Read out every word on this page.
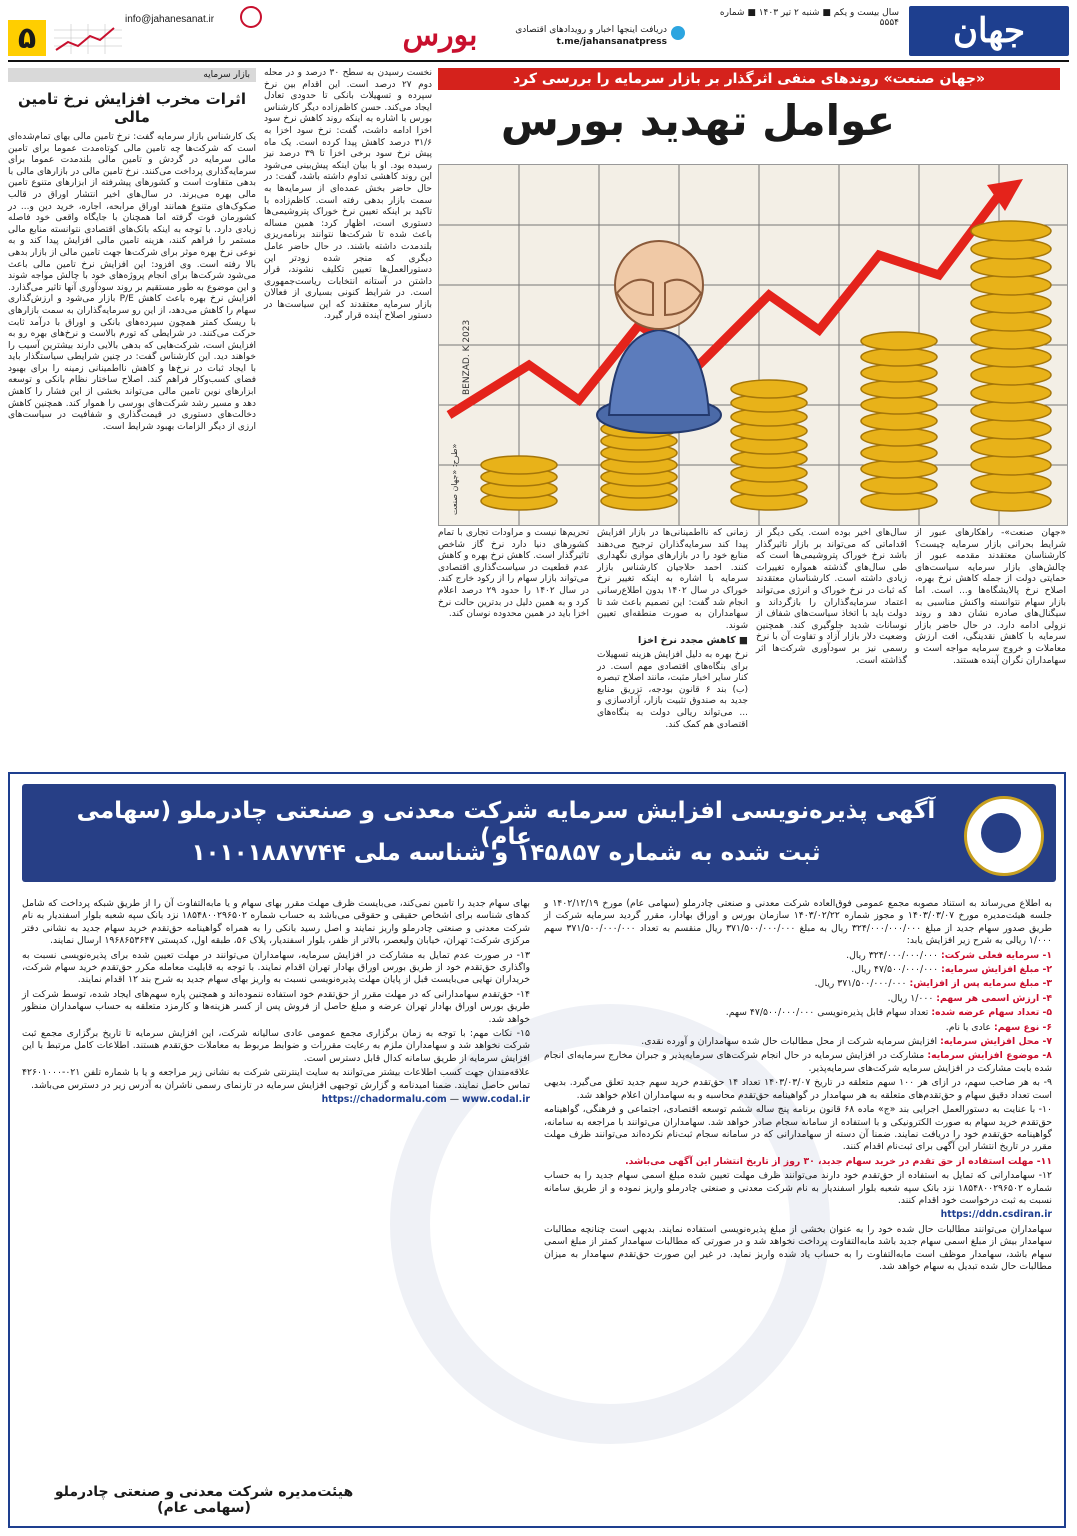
جهان
سال بیست و یکم ■ شنبه ۲ تیر ۱۴۰۳ ■ شماره ۵۵۵۴
دریافت اینجها اخبار و رویدادهای اقتصادی
t.me/jahansanatpress
بورس
info@jahanesanat.ir
۵
بازار سرمایه
اثرات مخرب افزایش نرخ تامین مالی
یک کارشناس بازار سرمایه گفت: نرخ تامین مالی بهای تمام‌شده‌ای است که شرکت‌ها چه تامین مالی کوتاه‌مدت عموما برای تامین مالی سرمایه در گردش و تامین مالی بلندمدت عموما برای سرمایه‌گذاری پرداخت می‌کنند. نرخ تامین مالی در بازارهای مالی با بدهی متفاوت است و کشورهای پیشرفته از ابزارهای متنوع تامین مالی بهره می‌برند. در سال‌های اخیر انتشار اوراق در قالب صکوک‌های متنوع همانند اوراق مرابحه، اجاره، خرید دین و... در کشورمان قوت گرفته اما همچنان با جایگاه واقعی خود فاصله زیادی دارد. با توجه به اینکه بانک‌های اقتصادی نتوانسته منابع مالی مستمر را فراهم کنند، هزینه تامین مالی افزایش پیدا کند و به نوعی نرخ بهره موثر برای شرکت‌ها جهت تامین مالی از بازار بدهی بالا رفته است. وی افزود: این افزایش نرخ تامین مالی باعث می‌شود شرکت‌ها برای انجام پروژه‌های خود با چالش مواجه شوند و این موضوع به طور مستقیم بر روند سودآوری آنها تاثیر می‌گذارد. افزایش نرخ بهره باعث کاهش P/E بازار می‌شود و ارزش‌گذاری سهام را کاهش می‌دهد، از این رو سرمایه‌گذاران به سمت بازارهای با ریسک کمتر همچون سپرده‌های بانکی و اوراق با درآمد ثابت حرکت می‌کنند. در شرایطی که تورم بالاست و نرخ‌های بهره رو به افزایش است، شرکت‌هایی که بدهی بالایی دارند بیشترین آسیب را خواهند دید. این کارشناس گفت: در چنین شرایطی سیاستگذار باید با ایجاد ثبات در نرخ‌ها و کاهش نااطمینانی زمینه را برای بهبود فضای کسب‌وکار فراهم کند. اصلاح ساختار نظام بانکی و توسعه ابزارهای نوین تامین مالی می‌تواند بخشی از این فشار را کاهش دهد و مسیر رشد شرکت‌های بورسی را هموار کند. همچنین کاهش دخالت‌های دستوری در قیمت‌گذاری و شفافیت در سیاست‌های ارزی از دیگر الزامات بهبود شرایط است.
نخست رسیدن به سطح ۳۰ درصد و در محله دوم ۲۷ درصد است. این اقدام بین نرخ سپرده و تسهیلات بانکی تا حدودی تعادل ایجاد می‌کند. حسن کاظم‌زاده دیگر کارشناس بورس با اشاره به اینکه روند کاهش نرخ سود اخزا ادامه داشت، گفت: نرخ سود اخزا به ۳۱/۶ درصد کاهش پیدا کرده است. یک ماه پیش نرخ سود برخی اخزا تا ۳۹ درصد نیز رسیده بود. او با بیان اینکه پیش‌بینی می‌شود این روند کاهشی تداوم داشته باشد، گفت: در حال حاضر بخش عمده‌ای از سرمایه‌ها به سمت بازار بدهی رفته است. کاظم‌زاده با تاکید بر اینکه تعیین نرخ خوراک پتروشیمی‌ها دستوری است، اظهار کرد: همین مساله باعث شده تا شرکت‌ها نتوانند برنامه‌ریزی بلندمدت داشته باشند. در حال حاضر عامل دیگری که منجر شده زودتر این دستورالعمل‌ها تعیین تکلیف نشوند، قرار داشتن در آستانه انتخابات ریاست‌جمهوری است. در شرایط کنونی بسیاری از فعالان بازار سرمایه معتقدند که این سیاست‌ها در دستور اصلاح آینده قرار گیرد.
«جهان صنعت» روندهای منفی اثرگذار بر بازار سرمایه را بررسی کرد
عوامل تهدید بورس
BENZAD. K 2023
طرح: «جهان صنعت»
«جهان صنعت»- راهکارهای عبور از شرایط بحرانی بازار سرمایه چیست؟ کارشناسان معتقدند مقدمه عبور از چالش‌های بازار سرمایه سیاست‌های حمایتی دولت از جمله کاهش نرخ بهره، اصلاح نرخ پالایشگاه‌ها و... است. اما بازار سهام نتوانسته واکنش مناسبی به سیگنال‌های صادره نشان دهد و روند نزولی ادامه دارد. در حال حاضر بازار سرمایه با کاهش نقدینگی، افت ارزش معاملات و خروج سرمایه مواجه است و سهامداران نگران آینده هستند.
سال‌های اخیر بوده است. یکی دیگر از اقداماتی که می‌تواند بر بازار تاثیرگذار باشد نرخ خوراک پتروشیمی‌ها است که طی سال‌های گذشته همواره تغییرات زیادی داشته است. کارشناسان معتقدند که ثبات در نرخ خوراک و انرژی می‌تواند اعتماد سرمایه‌گذاران را بازگرداند و دولت باید با اتخاذ سیاست‌های شفاف از نوسانات شدید جلوگیری کند. همچنین وضعیت دلار بازار آزاد و تفاوت آن با نرخ رسمی نیز بر سودآوری شرکت‌ها اثر گذاشته است.
زمانی که نااطمینانی‌ها در بازار افزایش پیدا کند سرمایه‌گذاران ترجیح می‌دهند منابع خود را در بازارهای موازی نگهداری کنند. احمد حلاجیان کارشناس بازار سرمایه با اشاره به اینکه تغییر نرخ خوراک در سال ۱۴۰۲ بدون اطلاع‌رسانی انجام شد گفت: این تصمیم باعث شد تا سهامداران به صورت منطقه‌ای تعیین شوند.
■ کاهش مجدد نرخ اخزا
نرخ بهره به دلیل افزایش هزینه تسهیلات برای بنگاه‌های اقتصادی مهم است. در کنار سایر اخبار مثبت، مانند اصلاح تبصره (ب) بند ۶ قانون بودجه، تزریق منابع جدید به صندوق تثبیت بازار، آزادسازی و ... می‌تواند ریالی دولت به بنگاه‌های اقتصادی هم کمک کند.
تحریم‌ها نیست و مراودات تجاری با تمام کشورهای دنیا دارد نرخ گاز شاخص تاثیرگذار است. کاهش نرخ بهره و کاهش عدم قطعیت در سیاست‌گذاری اقتصادی می‌تواند بازار سهام را از رکود خارج کند. در سال ۱۴۰۲ را حدود ۲۹ درصد اعلام کرد و به همین دلیل در بدترین حالت نرخ اخزا باید در همین محدوده نوسان کند.
آگهی پذیره‌نویسی افزایش سرمایه شرکت معدنی و صنعتی چادرملو (سهامی عام)
ثبت شده به شماره ۱۴۵۸۵۷ و شناسه ملی ۱۰۱۰۱۸۸۷۷۴۴

به اطلاع می‌رساند به استناد مصوبه مجمع عمومی فوق‌العاده شرکت معدنی و صنعتی چادرملو (سهامی عام) مورخ ۱۴۰۲/۱۲/۱۹ و جلسه هیئت‌مدیره مورخ ۱۴۰۳/۰۳/۰۷ و مجوز شماره ۱۴۰۳/۰۲/۲۲ سازمان بورس و اوراق بهادار، مقرر گردید سرمایه شرکت از طریق صدور سهام جدید از مبلغ ۳۲۴/۰۰۰/۰۰۰/۰۰۰ ریال به مبلغ ۳۷۱/۵۰۰/۰۰۰/۰۰۰ ریال منقسم به تعداد ۳۷۱/۵۰۰/۰۰۰/۰۰۰ سهم ۱/۰۰۰ ریالی به شرح زیر افزایش یابد:

۱- سرمایه فعلی شرکت: ۳۲۴/۰۰۰/۰۰۰/۰۰۰ ریال.

۲- مبلغ افزایش سرمایه: ۴۷/۵۰۰/۰۰۰/۰۰۰ ریال.

۳- مبلغ سرمایه پس از افزایش: ۳۷۱/۵۰۰/۰۰۰/۰۰۰ ریال.

۴- ارزش اسمی هر سهم: ۱/۰۰۰ ریال.

۵- تعداد سهام عرضه شده: تعداد سهام قابل پذیره‌نویسی ۴۷/۵۰۰/۰۰۰/۰۰۰ سهم.

۶- نوع سهم: عادی با نام.

۷- محل افزایش سرمایه: افزایش سرمایه شرکت از محل مطالبات حال شده سهامداران و آورده نقدی.

۸- موضوع افزایش سرمایه: مشارکت در افزایش سرمایه در حال انجام شرکت‌های سرمایه‌پذیر و جبران مخارج سرمایه‌ای انجام شده بابت مشارکت در افزایش سرمایه شرکت‌های سرمایه‌پذیر.

۹- به هر صاحب سهم، در ازای هر ۱۰۰ سهم متعلقه در تاریخ ۱۴۰۳/۰۳/۰۷ تعداد ۱۴ حق‌تقدم خرید سهم جدید تعلق می‌گیرد. بدیهی است تعداد دقیق سهام و حق‌تقدم‌های متعلقه به هر سهامدار در گواهینامه حق‌تقدم محاسبه و به سهامداران اعلام خواهد شد.

۱۰- با عنایت به دستورالعمل اجرایی بند «ج» ماده ۶۸ قانون برنامه پنج ساله ششم توسعه اقتصادی، اجتماعی و فرهنگی، گواهینامه حق‌تقدم خرید سهام به صورت الکترونیکی و با استفاده از سامانه سجام صادر خواهد شد. سهامداران می‌توانند با مراجعه به سامانه، گواهینامه حق‌تقدم خود را دریافت نمایند. ضمنا آن دسته از سهامدارانی که در سامانه سجام ثبت‌نام نکرده‌اند می‌توانند ظرف مهلت مقرر در تاریخ انتشار این آگهی برای ثبت‌نام اقدام کنند.

۱۱- مهلت استفاده از حق تقدم در خرید سهام جدید، ۳۰ روز از تاریخ انتشار این آگهی می‌باشد.

۱۲- سهامدارانی که تمایل به استفاده از حق‌تقدم خود دارند می‌توانند ظرف مهلت تعیین شده مبلغ اسمی سهام جدید را به حساب شماره ۱۸۵۴۸۰۰۲۹۶۵۰۲ نزد بانک سپه شعبه بلوار اسفندیار به نام شرکت معدنی و صنعتی چادرملو واریز نموده و از طریق سامانه نسبت به ثبت درخواست خود اقدام کنند.

https://ddn.csdiran.ir

سهامداران می‌توانند مطالبات حال شده خود را به عنوان بخشی از مبلغ پذیره‌نویسی استفاده نمایند. بدیهی است چنانچه مطالبات سهامدار بیش از مبلغ اسمی سهام جدید باشد مابه‌التفاوت پرداخت نخواهد شد و در صورتی که مطالبات سهامدار کمتر از مبلغ اسمی سهام باشد، سهامدار موظف است مابه‌التفاوت را به حساب یاد شده واریز نماید. در غیر این صورت حق‌تقدم سهامدار به میزان مطالبات حال شده تبدیل به سهام خواهد شد.

بهای سهام جدید را تامین نمی‌کند، می‌بایست ظرف مهلت مقرر بهای سهام و یا مابه‌التفاوت آن را از طریق شبکه پرداخت که شامل کدهای شناسه برای اشخاص حقیقی و حقوقی می‌باشد به حساب شماره ۱۸۵۴۸۰۰۲۹۶۵۰۲ نزد بانک سپه شعبه بلوار اسفندیار به نام شرکت معدنی و صنعتی چادرملو واریز نمایند و اصل رسید بانکی را به همراه گواهینامه حق‌تقدم خرید سهام جدید به نشانی دفتر مرکزی شرکت: تهران، خیابان ولیعصر، بالاتر از ظفر، بلوار اسفندیار، پلاک ۵۶، طبقه اول، کدپستی ۱۹۶۸۶۵۳۶۴۷ ارسال نمایند.

۱۳- در صورت عدم تمایل به مشارکت در افزایش سرمایه، سهامداران می‌توانند در مهلت تعیین شده برای پذیره‌نویسی نسبت به واگذاری حق‌تقدم خود از طریق بورس اوراق بهادار تهران اقدام نمایند. با توجه به قابلیت معامله مکرر حق‌تقدم خرید سهام شرکت، خریداران نهایی می‌بایست قبل از پایان مهلت پذیره‌نویسی نسبت به واریز بهای سهام جدید به شرح بند ۱۲ اقدام نمایند.

۱۴- حق‌تقدم سهامدارانی که در مهلت مقرر از حق‌تقدم خود استفاده ننموده‌اند و همچنین پاره سهم‌های ایجاد شده، توسط شرکت از طریق بورس اوراق بهادار تهران عرضه و مبلغ حاصل از فروش پس از کسر هزینه‌ها و کارمزد متعلقه به حساب سهامداران منظور خواهد شد.

۱۵- نکات مهم: با توجه به زمان برگزاری مجمع عمومی عادی سالیانه شرکت، این افزایش سرمایه تا تاریخ برگزاری مجمع ثبت شرکت نخواهد شد و سهامداران ملزم به رعایت مقررات و ضوابط مربوط به معاملات حق‌تقدم هستند. اطلاعات کامل مرتبط با این افزایش سرمایه از طریق سامانه کدال قابل دسترس است.

علاقه‌مندان جهت کسب اطلاعات بیشتر می‌توانند به سایت اینترنتی شرکت به نشانی زیر مراجعه و یا با شماره تلفن ۰۲۱-۴۲۶۰۱۰۰۰ تماس حاصل نمایند. ضمنا امیدنامه و گزارش توجیهی افزایش سرمایه در تارنمای رسمی ناشران به آدرس زیر در دسترس می‌باشد.

https://chadormalu.com — www.codal.ir

هیئت‌مدیره شرکت معدنی و صنعتی چادرملو (سهامی عام)
